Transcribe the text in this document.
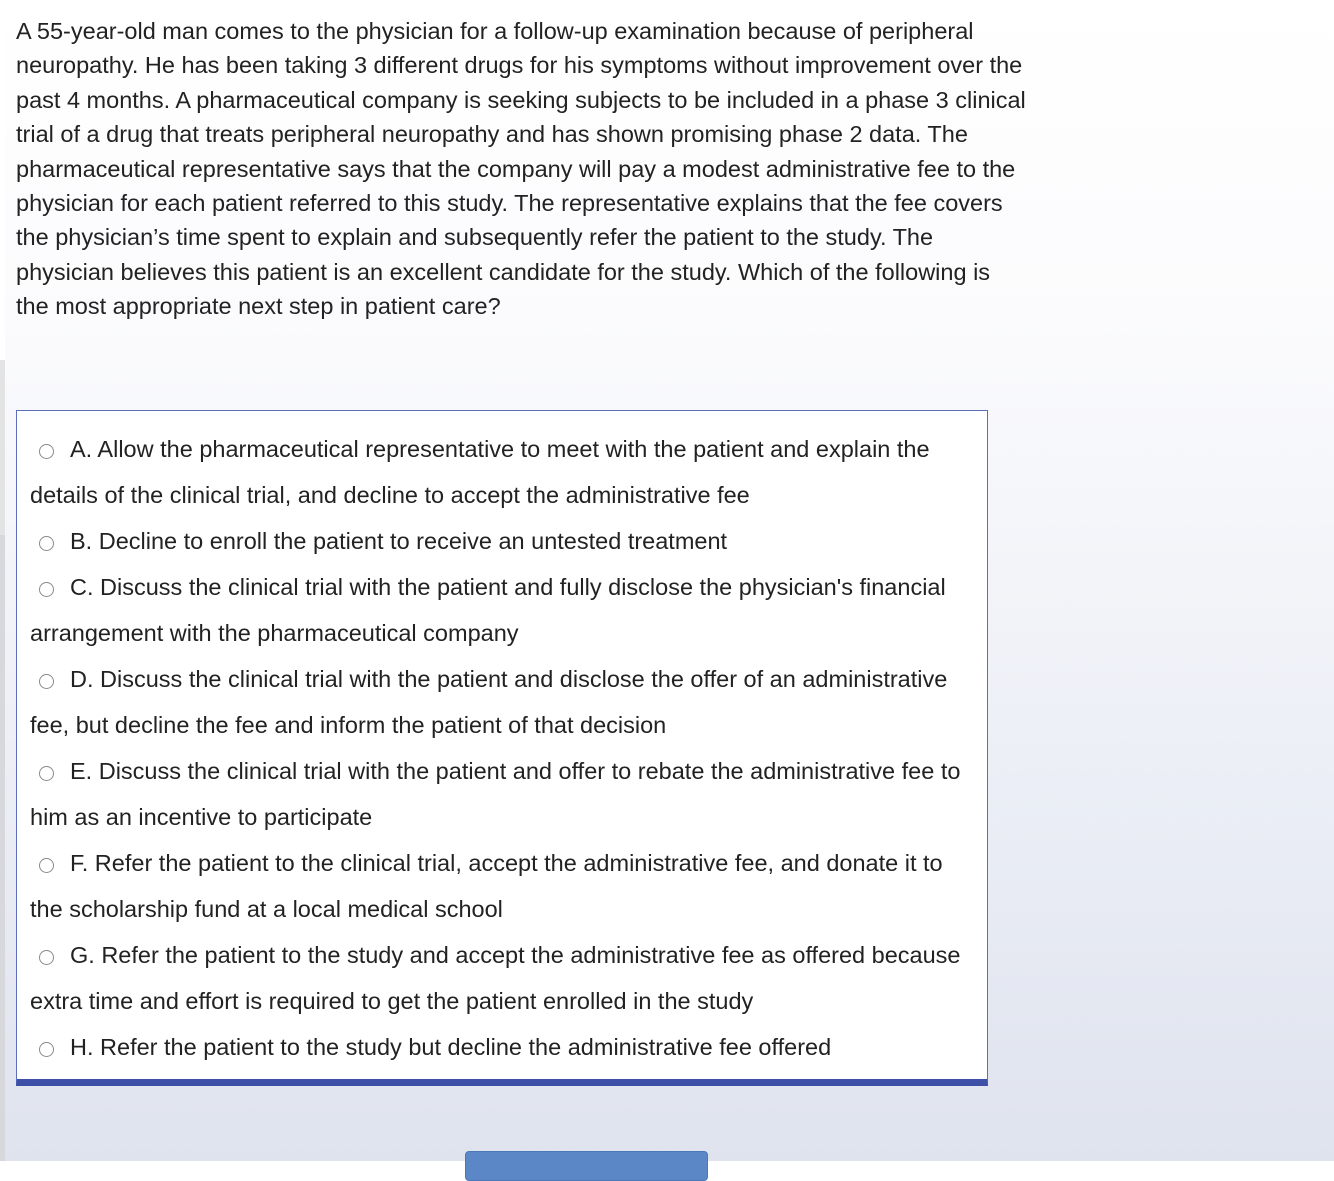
A 55-year-old man comes to the physician for a follow-up examination because of peripheral neuropathy. He has been taking 3 different drugs for his symptoms without improvement over the past 4 months. A pharmaceutical company is seeking subjects to be included in a phase 3 clinical trial of a drug that treats peripheral neuropathy and has shown promising phase 2 data. The pharmaceutical representative says that the company will pay a modest administrative fee to the physician for each patient referred to this study. The representative explains that the fee covers the physician’s time spent to explain and subsequently refer the patient to the study. The physician believes this patient is an excellent candidate for the study. Which of the following is the most appropriate next step in patient care?

A. Allow the pharmaceutical representative to meet with the patient and explain the details of the clinical trial, and decline to accept the administrative fee
B. Decline to enroll the patient to receive an untested treatment
C. Discuss the clinical trial with the patient and fully disclose the physician's financial arrangement with the pharmaceutical company
D. Discuss the clinical trial with the patient and disclose the offer of an administrative fee, but decline the fee and inform the patient of that decision
E. Discuss the clinical trial with the patient and offer to rebate the administrative fee to him as an incentive to participate
F. Refer the patient to the clinical trial, accept the administrative fee, and donate it to the scholarship fund at a local medical school
G. Refer the patient to the study and accept the administrative fee as offered because extra time and effort is required to get the patient enrolled in the study
H. Refer the patient to the study but decline the administrative fee offered
